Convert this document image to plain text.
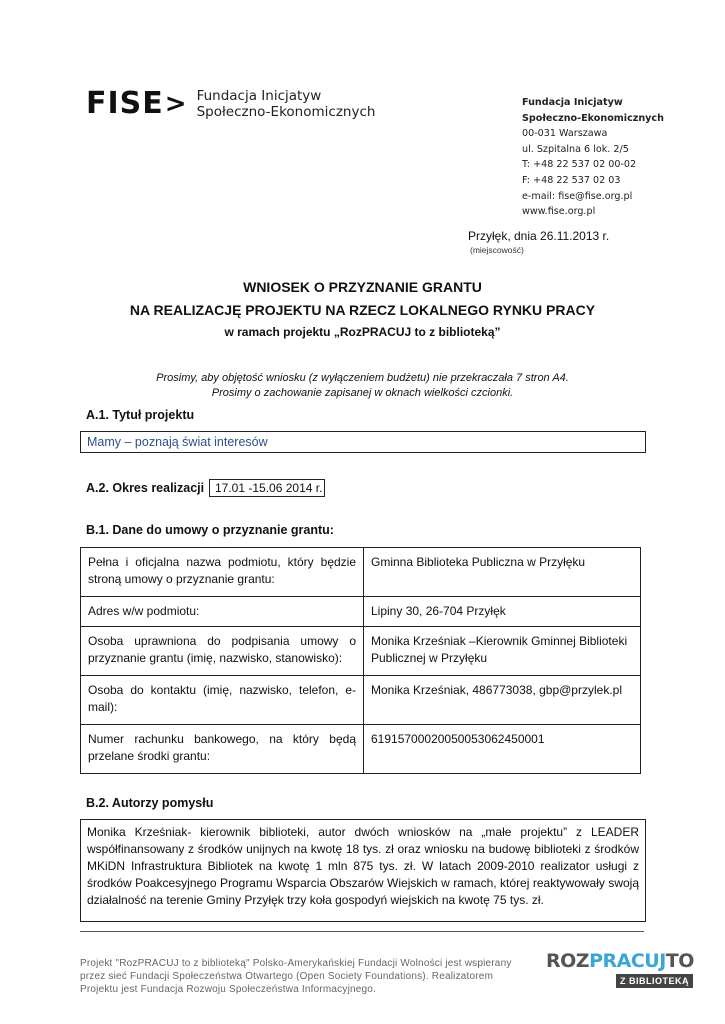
FISE > Fundacja Inicjatyw
Społeczno-Ekonomicznych
Fundacja Inicjatyw
Społeczno-Ekonomicznych
00-031 Warszawa
ul. Szpitalna 6 lok. 2/5
T: +48 22 537 02 00-02
F: +48 22 537 02 03
e-mail: fise@fise.org.pl
www.fise.org.pl
Przyłęk, dnia 26.11.2013 r.
(miejscowość)
WNIOSEK O PRZYZNANIE GRANTU
NA REALIZACJĘ PROJEKTU NA RZECZ LOKALNEGO RYNKU PRACY
w ramach projektu „RozPRACUJ to z biblioteką”
Prosimy, aby objętość wniosku (z wyłączeniem budżetu) nie przekraczała 7 stron A4.
Prosimy o zachowanie zapisanej w oknach wielkości czcionki.
A.1. Tytuł projektu
Mamy – poznają świat interesów
A.2. Okres realizacji 17.01 -15.06 2014 r.
B.1. Dane do umowy o przyznanie grantu:
Pełna i oficjalna nazwa podmiotu, który będzie stroną umowy o przyznanie grantu:	Gminna Biblioteka Publiczna w Przyłęku
Adres w/w podmiotu:	Lipiny 30, 26-704 Przyłęk
Osoba uprawniona do podpisania umowy o przyznanie grantu (imię, nazwisko, stanowisko):	Monika Krześniak –Kierownik Gminnej Biblioteki Publicznej w Przyłęku
Osoba do kontaktu (imię, nazwisko, telefon, e-mail):	Monika Krześniak, 486773038, gbp@przylek.pl
Numer rachunku bankowego, na który będą przelane środki grantu:	61915700020050053062450001
B.2. Autorzy pomysłu
Monika Krześniak- kierownik biblioteki, autor dwóch wniosków na „małe projektu” z LEADER współfinansowany z środków unijnych na kwotę 18 tys. zł oraz wniosku na budowę biblioteki z środków MKiDN Infrastruktura Bibliotek na kwotę 1 mln 875 tys. zł. W latach 2009-2010 realizator usługi z środków Poakcesyjnego Programu Wsparcia Obszarów Wiejskich w ramach, której reaktywowały swoją działalność na terenie Gminy Przyłęk trzy koła gospodyń wiejskich na kwotę 75 tys. zł.
Projekt "RozPRACUJ to z biblioteką" Polsko-Amerykańskiej Fundacji Wolności jest wspierany przez sieć Fundacji Społeczeństwa Otwartego (Open Society Foundations). Realizatorem Projektu jest Fundacja Rozwoju Społeczeństwa Informacyjnego.
ROZPRACUJTO
Z BIBLIOTEKĄ
